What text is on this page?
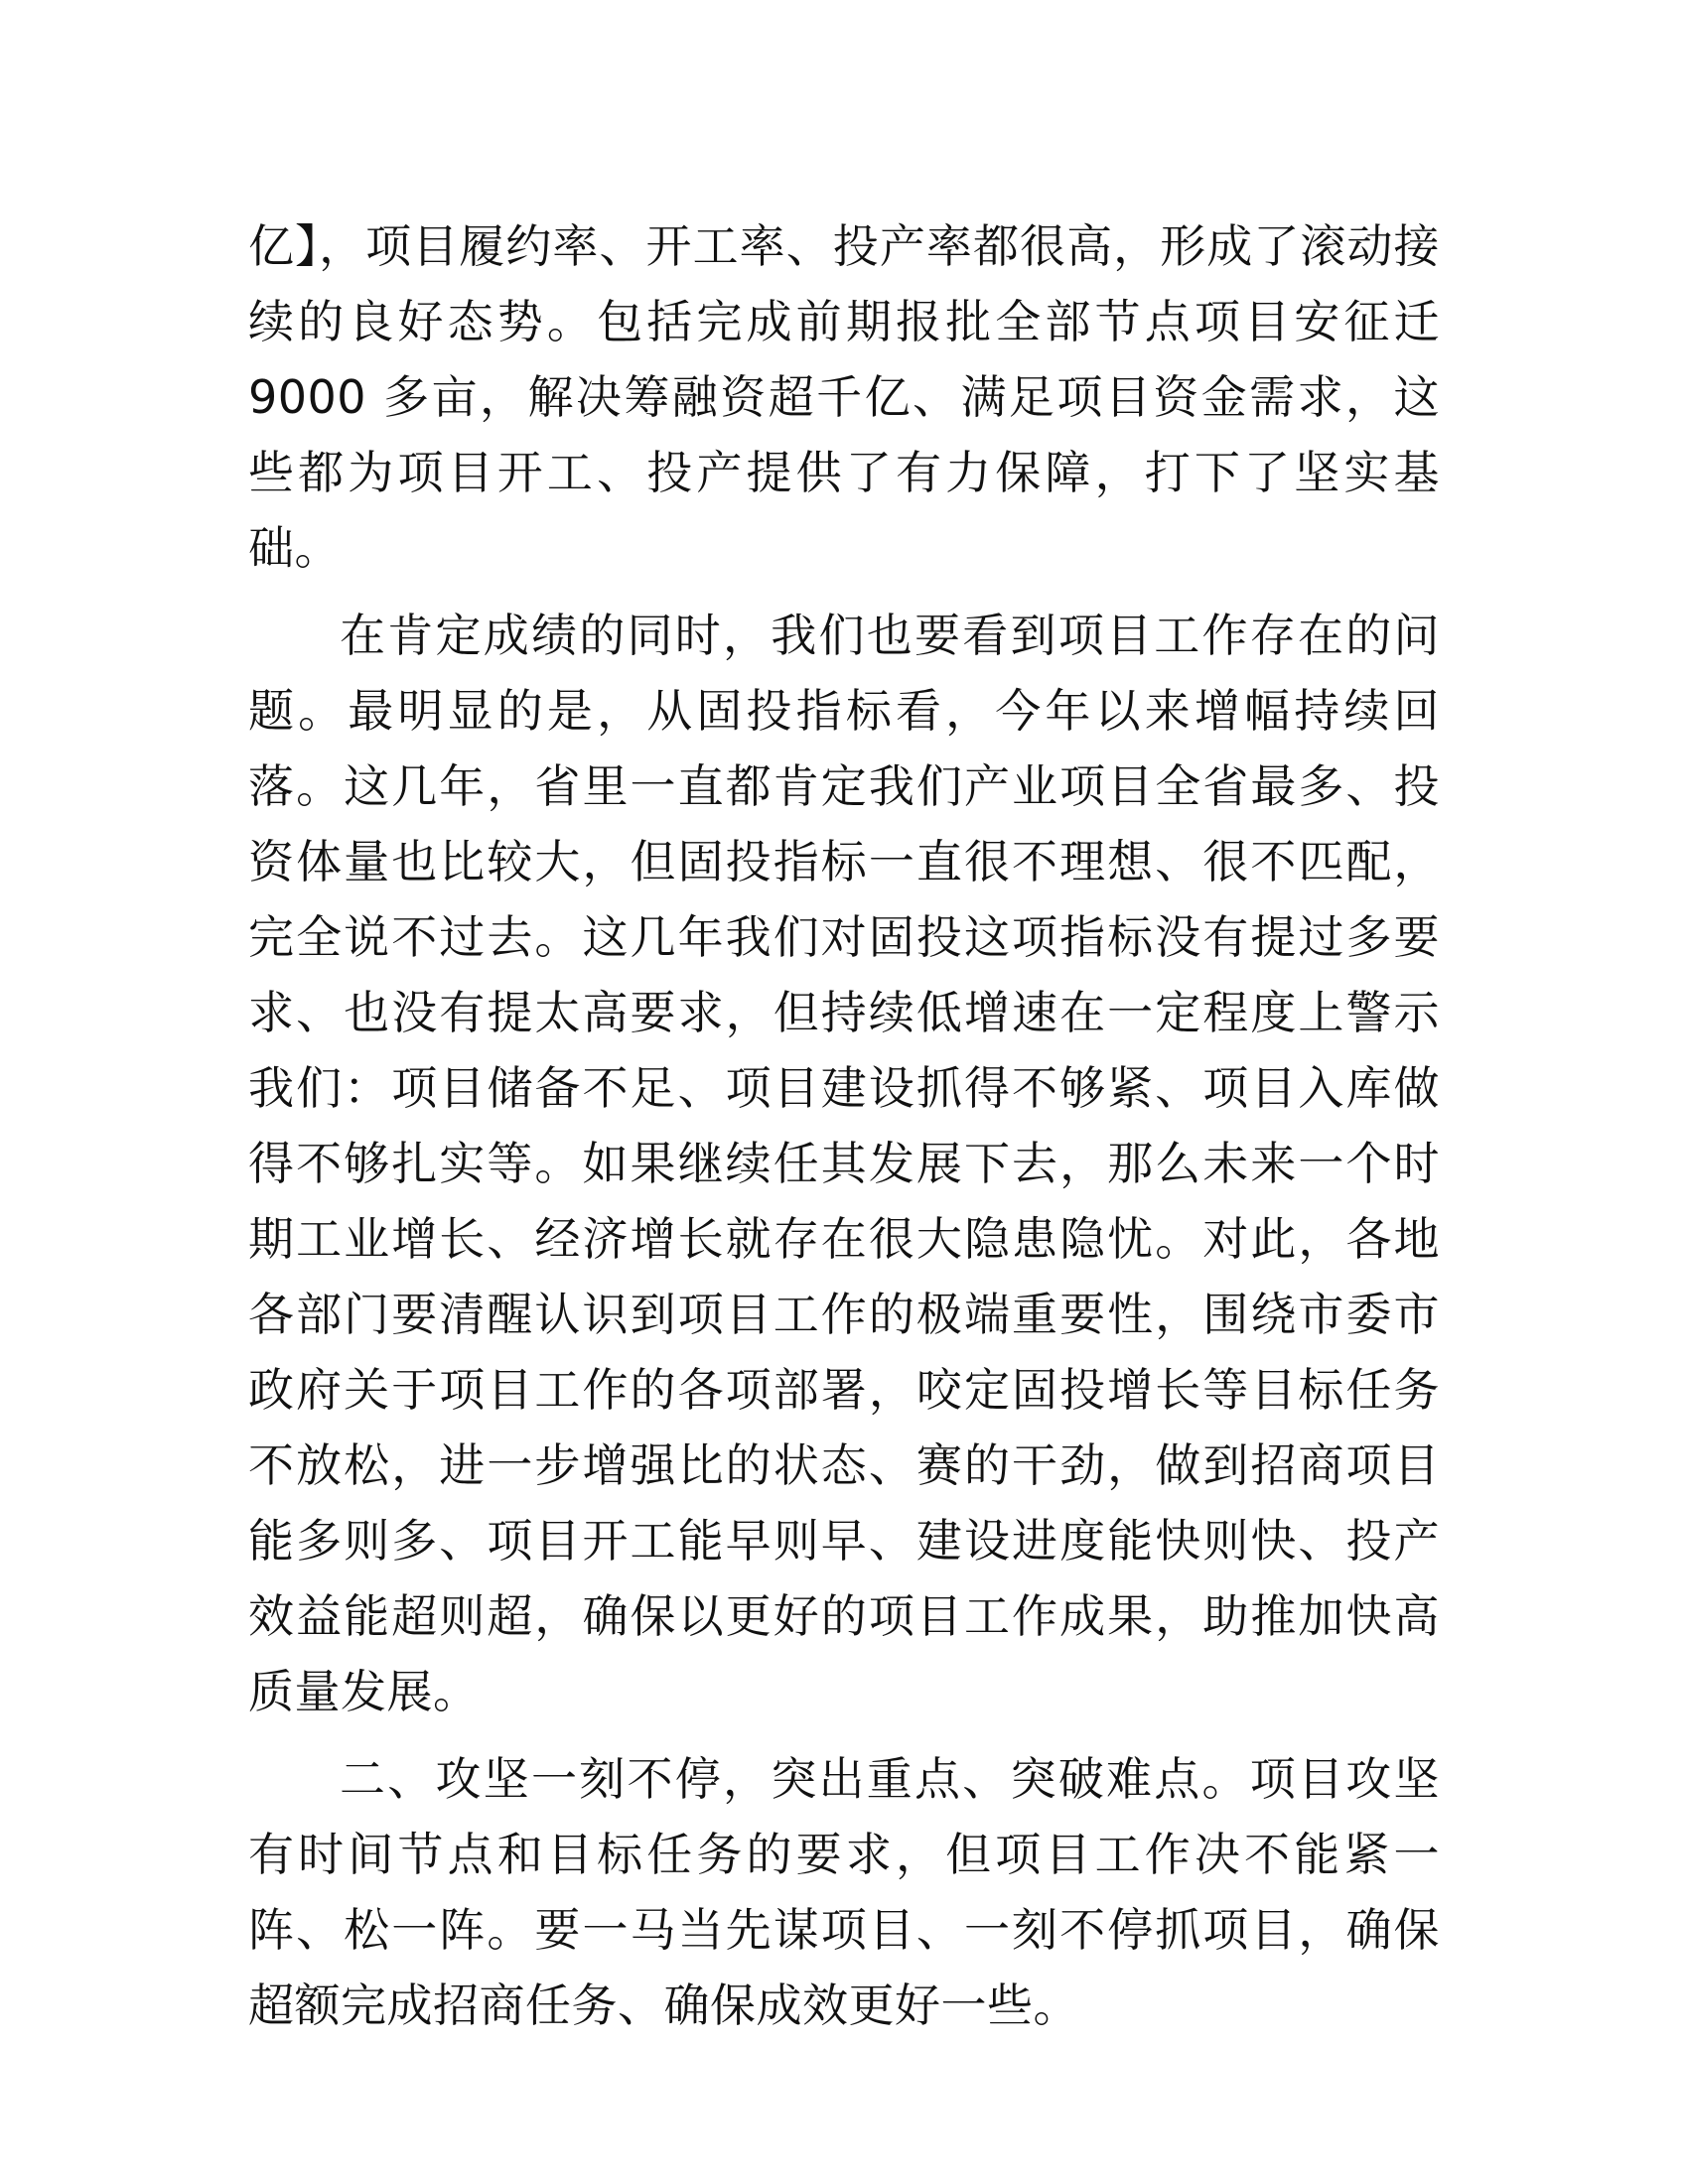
亿】，项目履约率、开工率、投产率都很高，形成了滚动接续的良好态势。包括完成前期报批全部节点项目安征迁 9000 多亩，解决筹融资超千亿、满足项目资金需求，这些都为项目开工、投产提供了有力保障，打下了坚实基础。

在肯定成绩的同时，我们也要看到项目工作存在的问题。最明显的是，从固投指标看，今年以来增幅持续回落。这几年，省里一直都肯定我们产业项目全省最多、投资体量也比较大，但固投指标一直很不理想、很不匹配，完全说不过去。这几年我们对固投这项指标没有提过多要求、也没有提太高要求，但持续低增速在一定程度上警示我们：项目储备不足、项目建设抓得不够紧、项目入库做得不够扎实等。如果继续任其发展下去，那么未来一个时期工业增长、经济增长就存在很大隐患隐忧。对此，各地各部门要清醒认识到项目工作的极端重要性，围绕市委市政府关于项目工作的各项部署，咬定固投增长等目标任务不放松，进一步增强比的状态、赛的干劲，做到招商项目能多则多、项目开工能早则早、建设进度能快则快、投产效益能超则超，确保以更好的项目工作成果，助推加快高质量发展。

二、攻坚一刻不停，突出重点、突破难点。项目攻坚有时间节点和目标任务的要求，但项目工作决不能紧一阵、松一阵。要一马当先谋项目、一刻不停抓项目，确保超额完成招商任务、确保成效更好一些。
